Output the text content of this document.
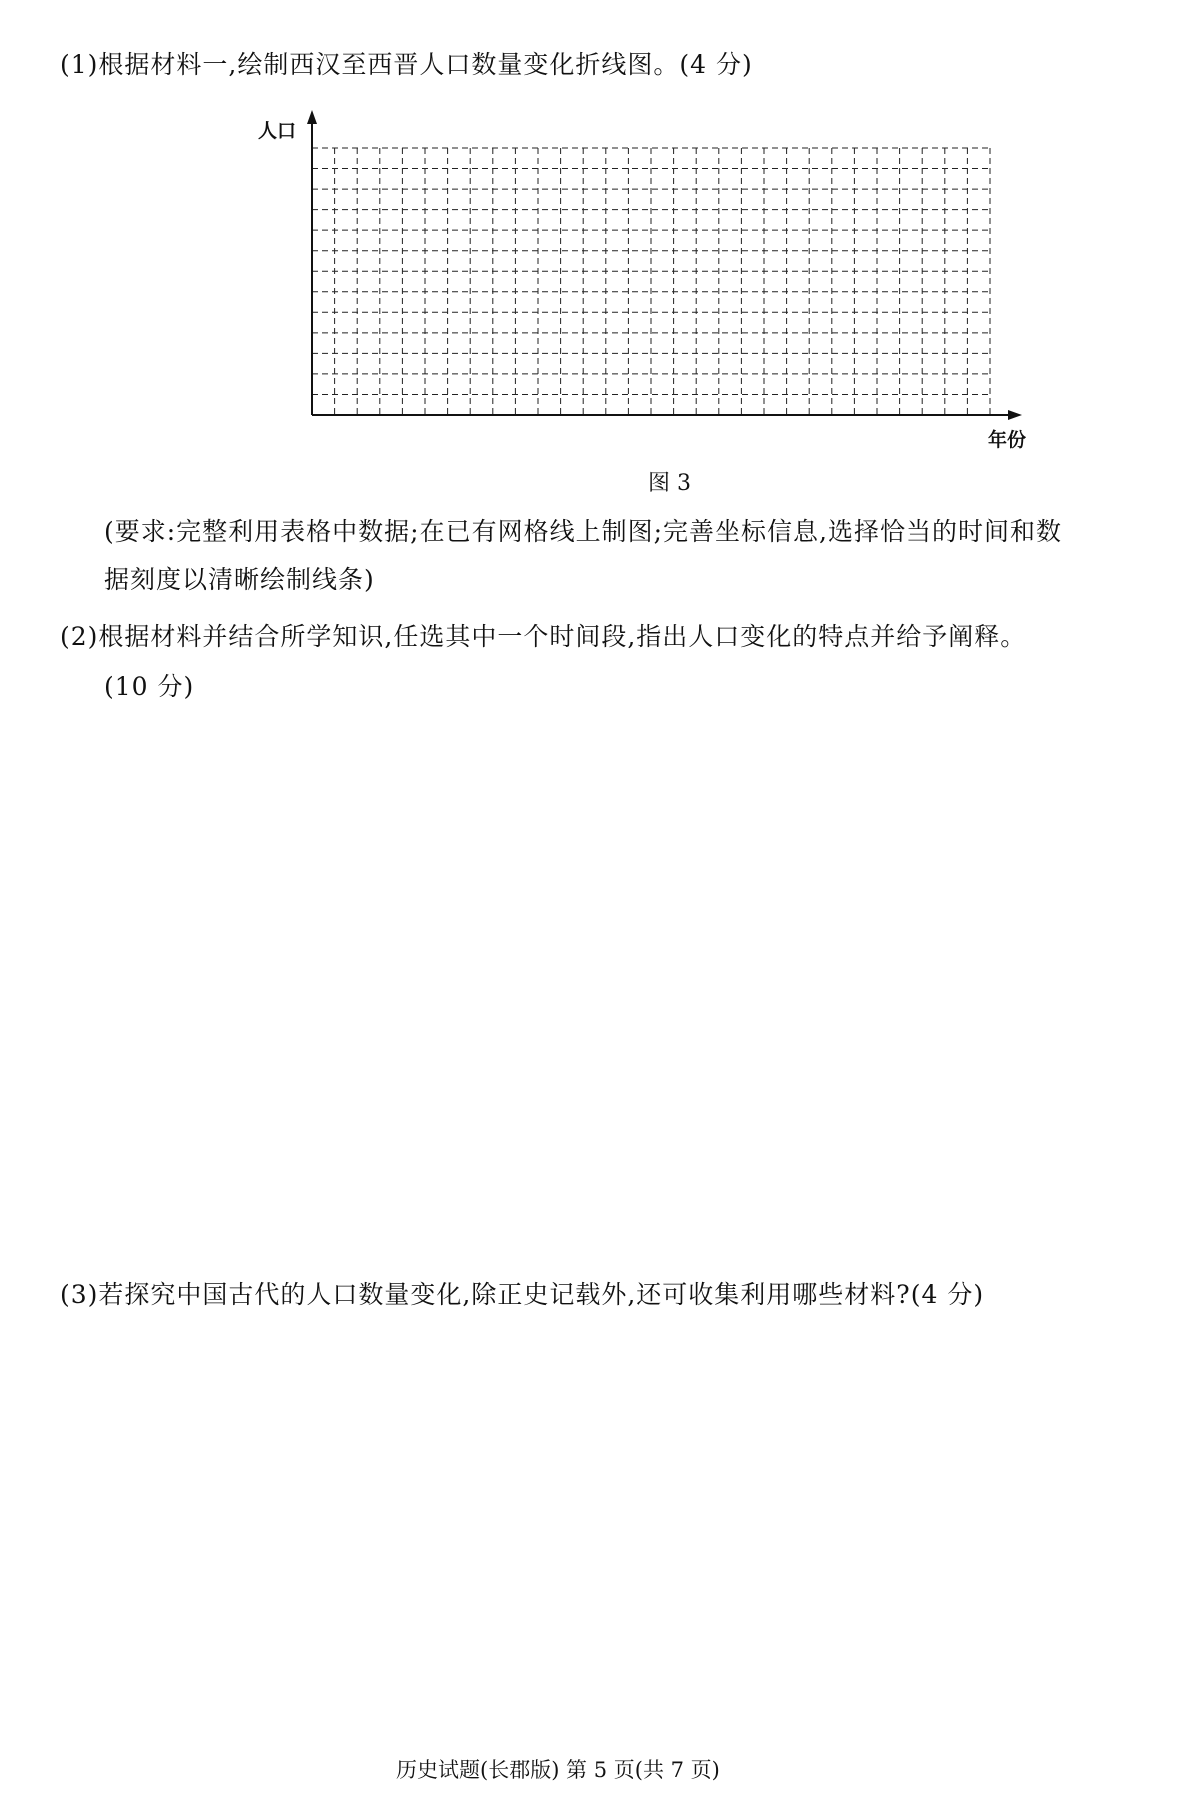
(1)根据材料一,绘制西汉至西晋人口数量变化折线图。(4 分)
人口
年份
图 3
(要求:完整利用表格中数据;在已有网格线上制图;完善坐标信息,选择恰当的时间和数
据刻度以清晰绘制线条)
(2)根据材料并结合所学知识,任选其中一个时间段,指出人口变化的特点并给予阐释。
(10 分)
(3)若探究中国古代的人口数量变化,除正史记载外,还可收集利用哪些材料?(4 分)
历史试题(长郡版) 第 5 页(共 7 页)
